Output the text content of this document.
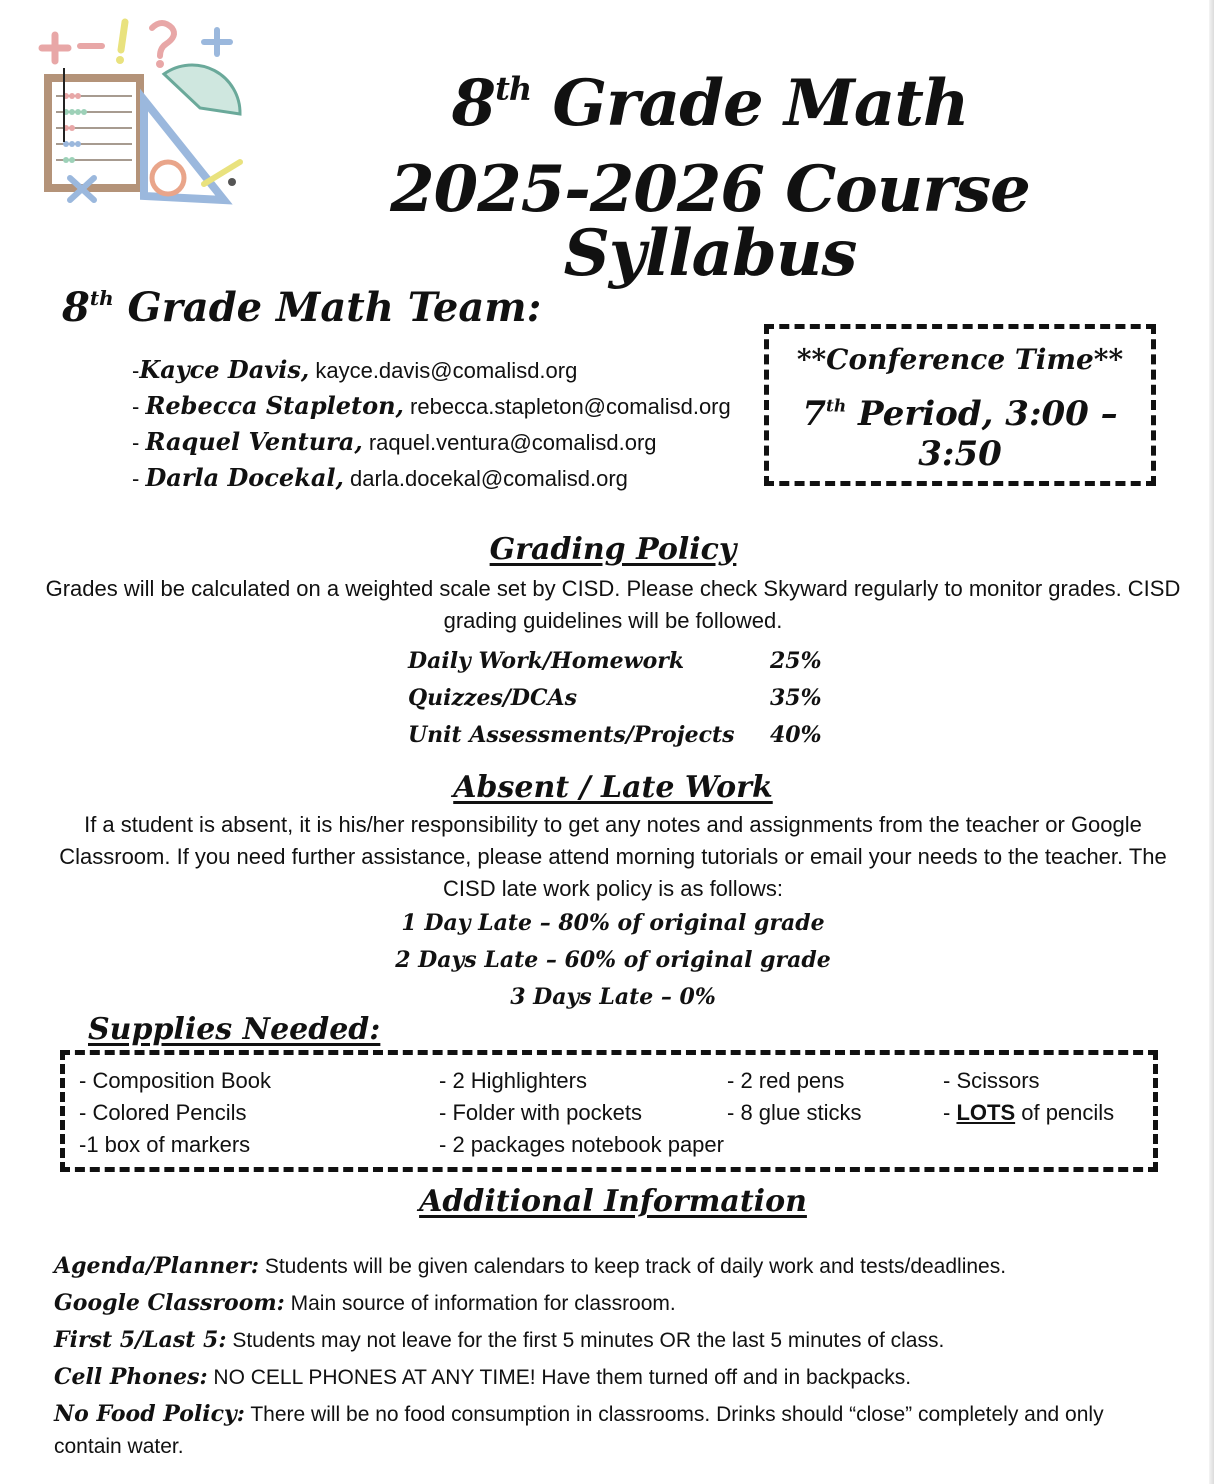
8th Grade Math
2025-2026 Course Syllabus
8th Grade Math Team:
-Kayce Davis, kayce.davis@comalisd.org
- Rebecca Stapleton, rebecca.stapleton@comalisd.org
- Raquel Ventura, raquel.ventura@comalisd.org
- Darla Docekal, darla.docekal@comalisd.org
**Conference Time**
7th Period, 3:00 – 3:50
Grading Policy
Grades will be calculated on a weighted scale set by CISD. Please check Skyward regularly to monitor grades. CISD grading guidelines will be followed.
Daily Work/Homework	25%
Quizzes/DCAs	35%
Unit Assessments/Projects 40%
Absent / Late Work
If a student is absent, it is his/her responsibility to get any notes and assignments from the teacher or Google Classroom. If you need further assistance, please attend morning tutorials or email your needs to the teacher. The CISD late work policy is as follows:
1 Day Late – 80% of original grade
2 Days Late – 60% of original grade
3 Days Late – 0%
Supplies Needed:
- Composition Book
- Colored Pencils
-1 box of markers
- 2 Highlighters
- Folder with pockets
- 2 packages notebook paper
- 2 red pens
- 8 glue sticks
- Scissors
- LOTS of pencils
Additional Information
Agenda/Planner: Students will be given calendars to keep track of daily work and tests/deadlines.
Google Classroom: Main source of information for classroom.
First 5/Last 5: Students may not leave for the first 5 minutes OR the last 5 minutes of class.
Cell Phones: NO CELL PHONES AT ANY TIME! Have them turned off and in backpacks.
No Food Policy: There will be no food consumption in classrooms. Drinks should “close” completely and only contain water.
